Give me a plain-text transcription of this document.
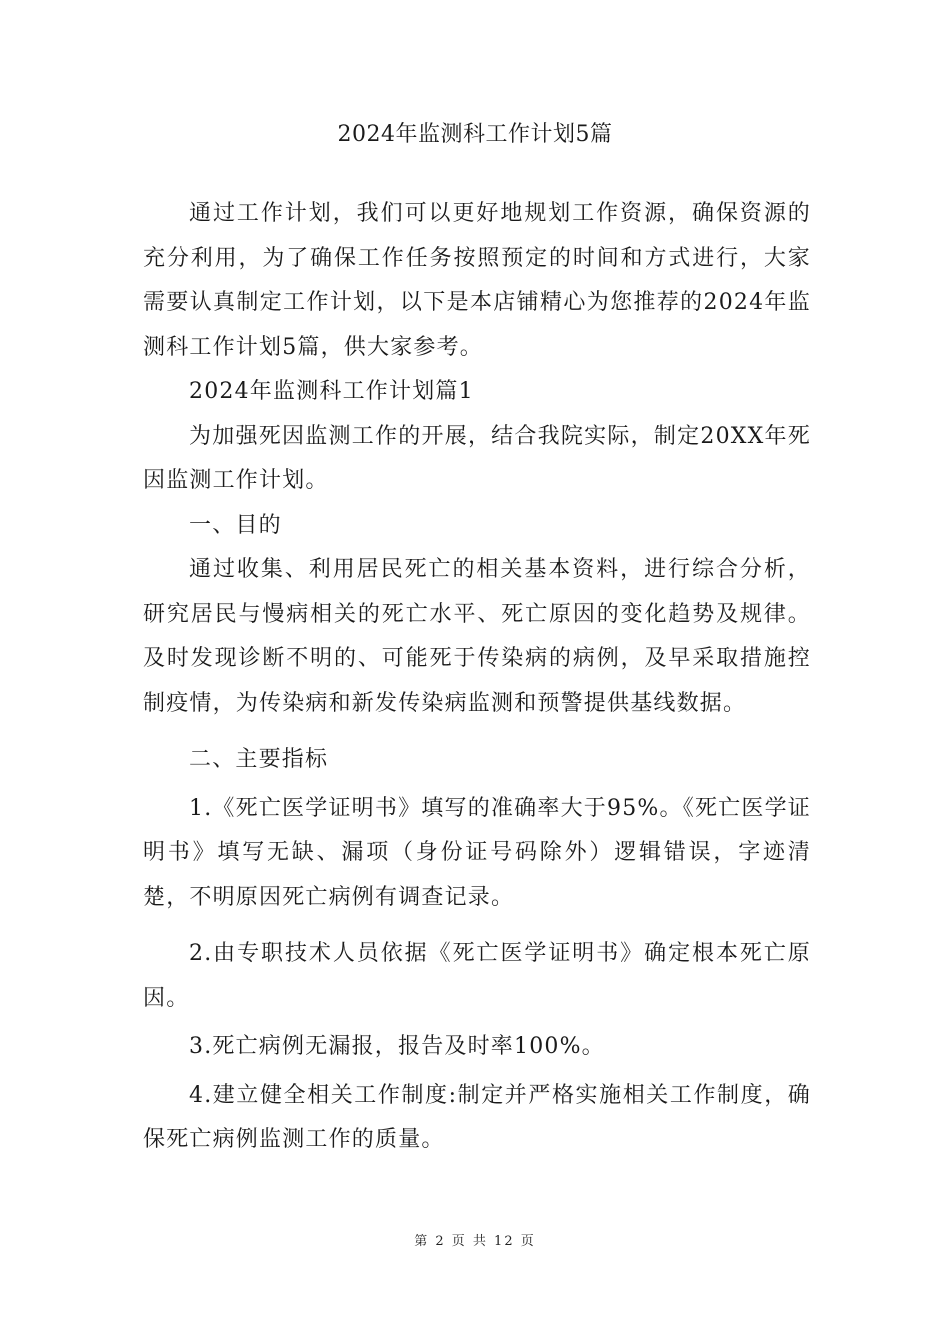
2024年监测科工作计划5篇

通过工作计划，我们可以更好地规划工作资源，确保资源的充分利用，为了确保工作任务按照预定的时间和方式进行，大家需要认真制定工作计划，以下是本店铺精心为您推荐的2024年监测科工作计划5篇，供大家参考。

2024年监测科工作计划篇1

为加强死因监测工作的开展，结合我院实际，制定20XX年死因监测工作计划。

一、目的

通过收集、利用居民死亡的相关基本资料，进行综合分析，研究居民与慢病相关的死亡水平、死亡原因的变化趋势及规律。及时发现诊断不明的、可能死于传染病的病例，及早采取措施控制疫情，为传染病和新发传染病监测和预警提供基线数据。

二、主要指标

1.《死亡医学证明书》填写的准确率大于95%。《死亡医学证明书》填写无缺、漏项（身份证号码除外）逻辑错误，字迹清楚，不明原因死亡病例有调查记录。

2.由专职技术人员依据《死亡医学证明书》确定根本死亡原因。

3.死亡病例无漏报，报告及时率100%。

4.建立健全相关工作制度:制定并严格实施相关工作制度，确保死亡病例监测工作的质量。

第 2 页 共 12 页
